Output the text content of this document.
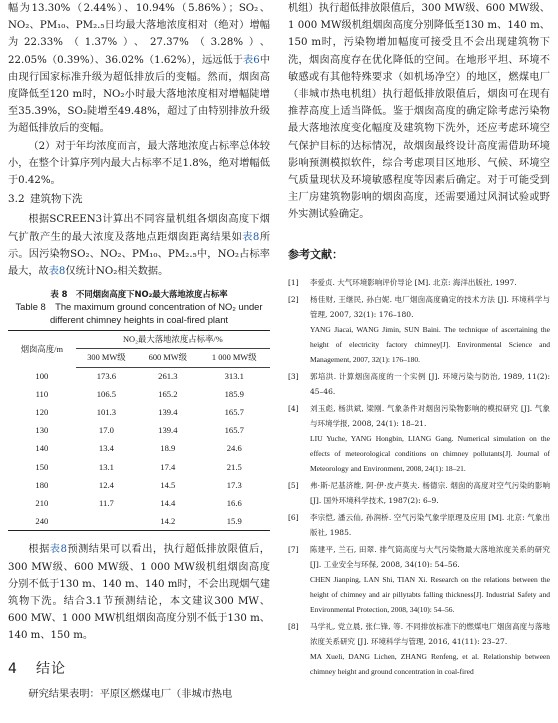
幅为13.30%（2.44%）、10.94%（5.86%）；SO₂、NO₂、PM₁₀、PM₂.₅日均最大落地浓度相对（绝对）增幅为22.33%（1.37%）、27.37%（3.28%）、22.05%（0.39%）、36.02%（1.62%），远远低于表6中由现行国家标准升级为超低排放后的变幅。然而，烟囱高度降低至120 m时，NO₂小时最大落地浓度相对增幅陡增至35.39%，SO₂陡增至49.48%，超过了由特别排放升级为超低排放后的变幅。

（2）对于年均浓度而言，最大落地浓度占标率总体较小，在整个计算序列内最大占标率不足1.8%，绝对增幅低于0.42%。

3.2 建筑物下洗

根据SCREEN3计算出不同容量机组各烟囱高度下烟气扩散产生的最大浓度及落地点距烟囱距离结果如表8所示。因污染物SO₂、NO₂、PM₁₀、PM₂.₅中，NO₂占标率最大，故表8仅统计NO₂相关数据。

表 8　不同烟囱高度下NO₂最大落地浓度占标率
Table 8　The maximum ground concentration of NO₂ under different chimney heights in coal-fired plant
烟囱高度/m	NO₂最大落地浓度占标率/%		
	300 MW级	600 MW级	1 000 MW级
100	173.6	261.3	313.1
110	106.5	165.2	185.9
120	101.3	139.4	165.7
130	17.0	139.4	165.7
140	13.4	18.9	24.6
150	13.1	17.4	21.5
180	12.4	14.5	17.3
210	11.7	14.4	16.6
240		14.2	15.9

根据表8预测结果可以看出，执行超低排放限值后，300 MW级、600 MW级、1 000 MW级机组烟囱高度分别不低于130 m、140 m、140 m时，不会出现烟气建筑物下洗。结合3.1节预测结论，本文建议300 MW、600 MW、1 000 MW机组烟囱高度分别不低于130 m、140 m、150 m。

4 结论

研究结果表明：平原区燃煤电厂（非城市热电

机组）执行超低排放限值后，300 MW级、600 MW级、1 000 MW级机组烟囱高度分别降低至130 m、140 m、150 m时，污染物增加幅度可接受且不会出现建筑物下洗，烟囱高度存在优化降低的空间。在地形平坦、环境不敏感或有其他特殊要求（如机场净空）的地区，燃煤电厂（非城市热电机组）执行超低排放限值后，烟囱可在现有推荐高度上适当降低。鉴于烟囱高度的确定除考虑污染物最大落地浓度变化幅度及建筑物下洗外，还应考虑环境空气保护目标的达标情况，故烟囱最终设计高度需借助环境影响预测模拟软件，综合考虑项目区地形、气候、环境空气质量现状及环境敏感程度等因素后确定。对于可能受到主厂房建筑物影响的烟囱高度，还需要通过风洞试验或野外实测试验确定。

参考文献：
[1]	李爱贞. 大气环境影响评价导论 [M]. 北京: 海洋出版社, 1997.
[2]	杨佳财, 王继民, 孙白妮. 电厂烟囱高度确定的技术方法 [J]. 环境科学与管理, 2007, 32(1): 176–180.
YANG Jiacai, WANG Jimin, SUN Baini. The technique of ascertaining the height of electricity factory chimney[J]. Environmental Science and Management, 2007, 32(1): 176–180.
[3]	郭培洪. 计算烟囱高度的一个实例 [J]. 环境污染与防治, 1989, 11(2): 45–46.
[4]	刘玉彪, 杨洪斌, 梁刚. 气象条件对烟囱污染物影响的模拟研究 [J]. 气象与环境学报, 2008, 24(1): 18–21.
LIU Yuche, YANG Hongbin, LIANG Gang. Numerical simulation on the effects of meteorological conditions on chimney pollutants[J]. Journal of Meteorology and Environment, 2008, 24(1): 18–21.
[5]	弗·斯·尼基济维, 阿·伊·皮卢莫夫. 杨德宗. 烟囱的高度对空气污染的影响 [J]. 国外环境科学技术, 1987(2): 6–9.
[6]	李宗恺, 潘云仙, 孙润桥. 空气污染气象学原理及应用 [M]. 北京: 气象出版社, 1985.
[7]	陈建平, 兰石, 田翠. 排气筒高度与大气污染物最大落地浓度关系的研究 [J]. 工业安全与环保, 2008, 34(10): 54–56.
CHEN Jianping, LAN Shi, TIAN Xi. Research on the relations between the height of chimney and air pillytabts falling thickness[J]. Industrial Safety and Environmental Protection, 2008, 34(10): 54–56.
[8]	马学礼, 党立晨, 张仁锋, 等. 不同排放标准下的燃煤电厂烟囱高度与落地浓度关系研究 [J]. 环境科学与管理, 2016, 41(11): 23–27.
MA Xueli, DANG Lichen, ZHANG Renfeng, et al. Relationship between chimney height and ground concentration in coal-fired
